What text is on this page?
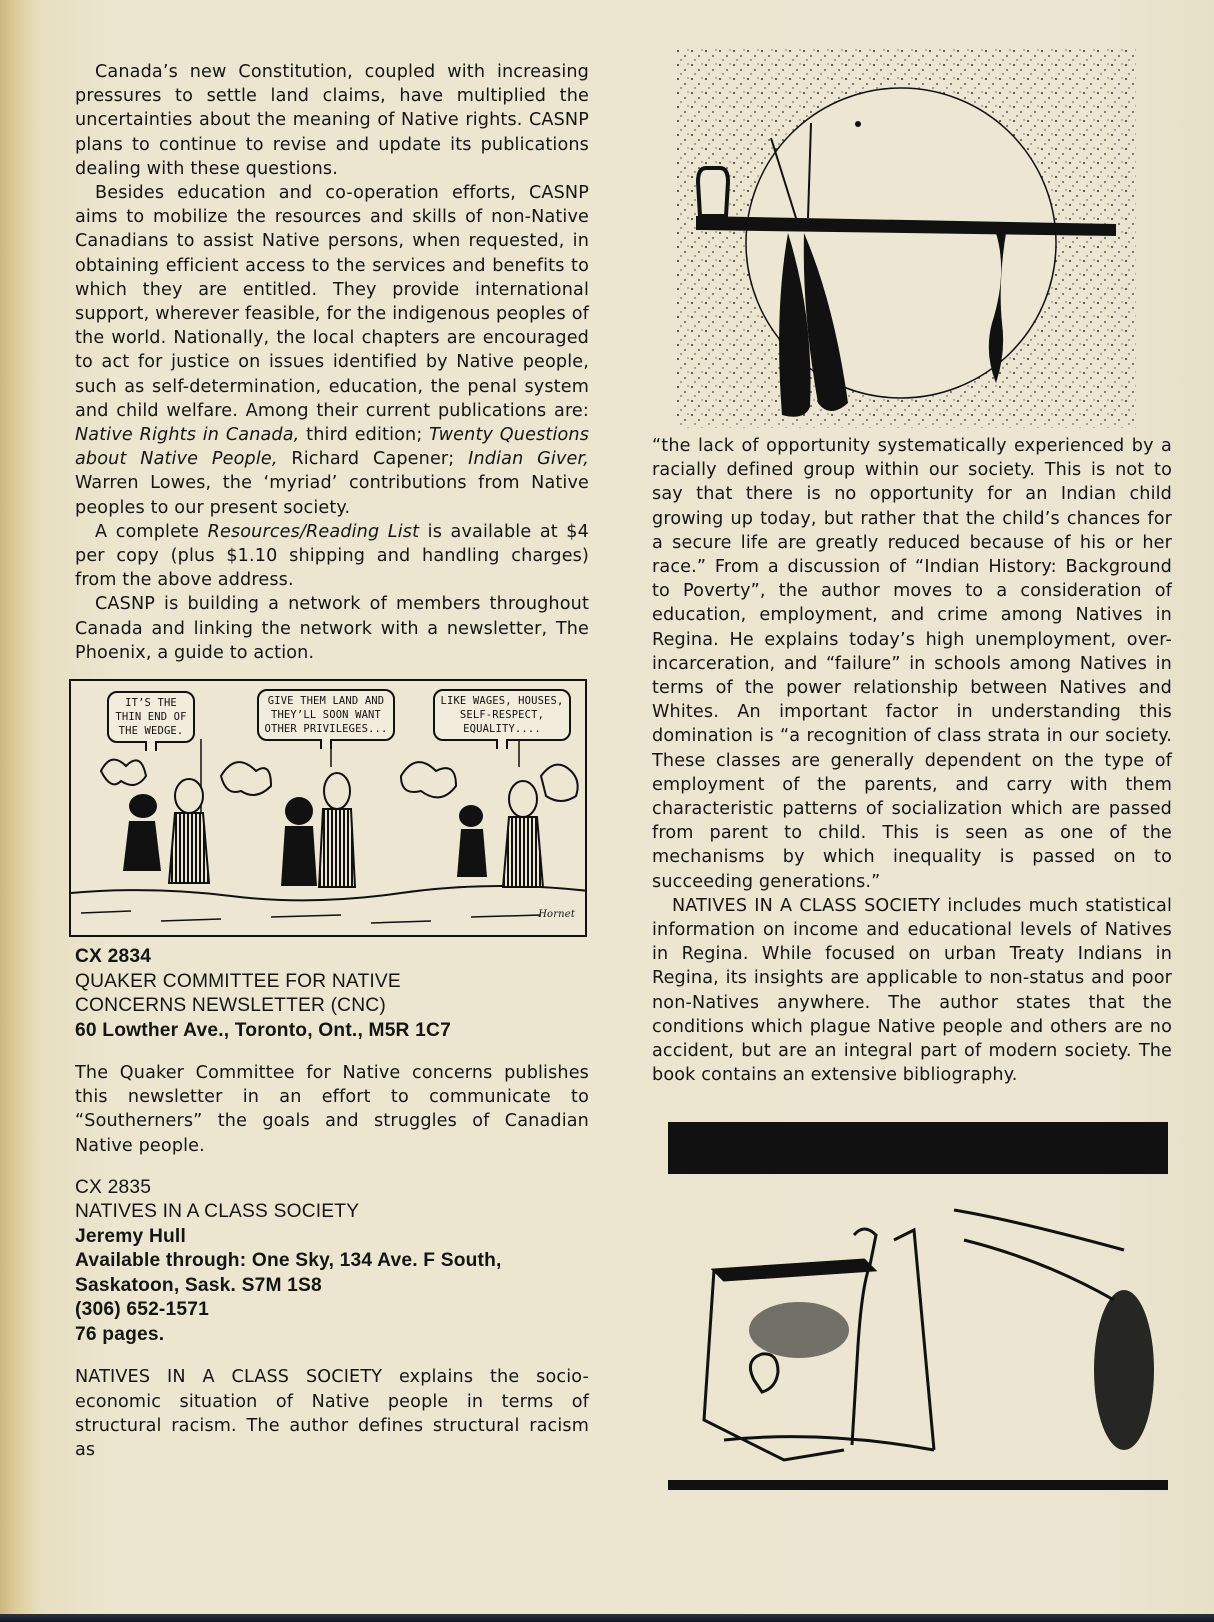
Canada’s new Constitution, coupled with increasing pressures to settle land claims, have multiplied the uncertainties about the meaning of Native rights. CASNP plans to continue to revise and update its publications dealing with these questions.

Besides education and co-operation efforts, CASNP aims to mobilize the resources and skills of non-Native Canadians to assist Native persons, when requested, in obtaining efficient access to the services and benefits to which they are entitled. They provide international support, wherever feasible, for the indigenous peoples of the world. Nationally, the local chapters are encouraged to act for justice on issues identified by Native people, such as self-determination, education, the penal system and child welfare. Among their current publications are: Native Rights in Canada, third edition; Twenty Questions about Native People, Richard Capener; Indian Giver, Warren Lowes, the ‘myriad’ contributions from Native peoples to our present society.

A complete Resources/Reading List is available at $4 per copy (plus $1.10 shipping and handling charges) from the above address.

CASNP is building a network of members throughout Canada and linking the network with a newsletter, The Phoenix, a guide to action.

IT’S THE THIN END OF THE WEDGE.
GIVE THEM LAND AND THEY’LL SOON WANT OTHER PRIVILEGES...
LIKE WAGES, HOUSES, SELF-RESPECT, EQUALITY....
Hornet
CX 2834
QUAKER COMMITTEE FOR NATIVE
CONCERNS NEWSLETTER (CNC)
60 Lowther Ave., Toronto, Ont., M5R 1C7

The Quaker Committee for Native concerns publishes this newsletter in an effort to communicate to “Southerners” the goals and struggles of Canadian Native people.

CX 2835
NATIVES IN A CLASS SOCIETY
Jeremy Hull
Available through: One Sky, 134 Ave. F South,
Saskatoon, Sask. S7M 1S8
(306) 652-1571
76 pages.

NATIVES IN A CLASS SOCIETY explains the socio-economic situation of Native people in terms of structural racism. The author defines structural racism as

“the lack of opportunity systematically experienced by a racially defined group within our society. This is not to say that there is no opportunity for an Indian child growing up today, but rather that the child’s chances for a secure life are greatly reduced because of his or her race.” From a discussion of “Indian History: Background to Poverty”, the author moves to a consideration of education, employment, and crime among Natives in Regina. He explains today’s high unemployment, over-incarceration, and “failure” in schools among Natives in terms of the power relationship between Natives and Whites. An important factor in understanding this domination is “a recognition of class strata in our society. These classes are generally dependent on the type of employment of the parents, and carry with them characteristic patterns of socialization which are passed from parent to child. This is seen as one of the mechanisms by which inequality is passed on to succeeding generations.”

NATIVES IN A CLASS SOCIETY includes much statistical information on income and educational levels of Natives in Regina. While focused on urban Treaty Indians in Regina, its insights are applicable to non-status and poor non-Natives anywhere. The author states that the conditions which plague Native people and others are no accident, but are an integral part of modern society. The book contains an extensive bibliography.
